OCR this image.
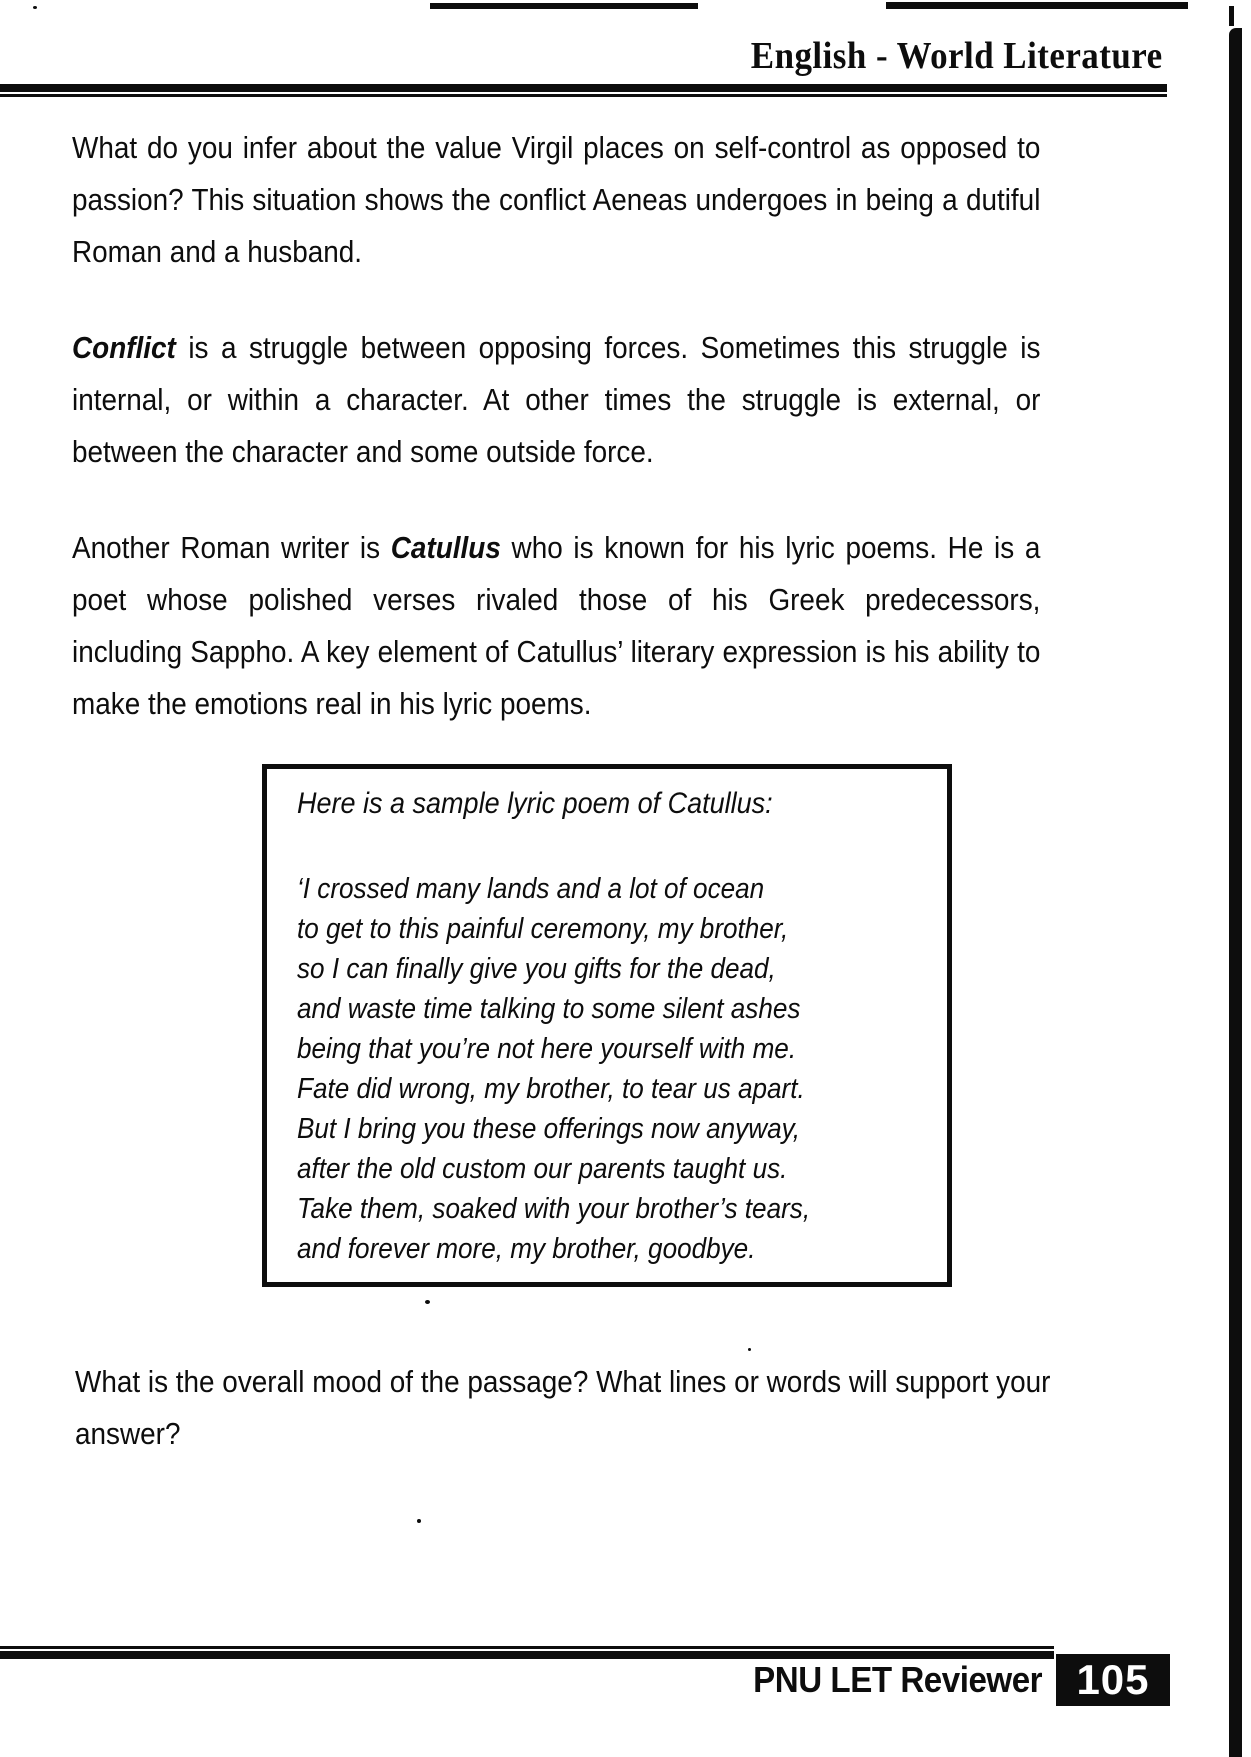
English - World Literature

What do you infer about the value Virgil places on self-control as opposed to passion? This situation shows the conflict Aeneas undergoes in being a dutiful Roman and a husband.

Conflict is a struggle between opposing forces. Sometimes this struggle is internal, or within a character. At other times the struggle is external, or between the character and some outside force.

Another Roman writer is Catullus who is known for his lyric poems. He is a poet whose polished verses rivaled those of his Greek predecessors, including Sappho. A key element of Catullus’ literary expression is his ability to make the emotions real in his lyric poems.

Here is a sample lyric poem of Catullus:

‘I crossed many lands and a lot of ocean
to get to this painful ceremony, my brother,
so I can finally give you gifts for the dead,
and waste time talking to some silent ashes
being that you’re not here yourself with me.
Fate did wrong, my brother, to tear us apart.
But I bring you these offerings now anyway,
after the old custom our parents taught us.
Take them, soaked with your brother’s tears,
and forever more, my brother, goodbye.

What is the overall mood of the passage? What lines or words will support your answer?

PNU LET Reviewer 105
